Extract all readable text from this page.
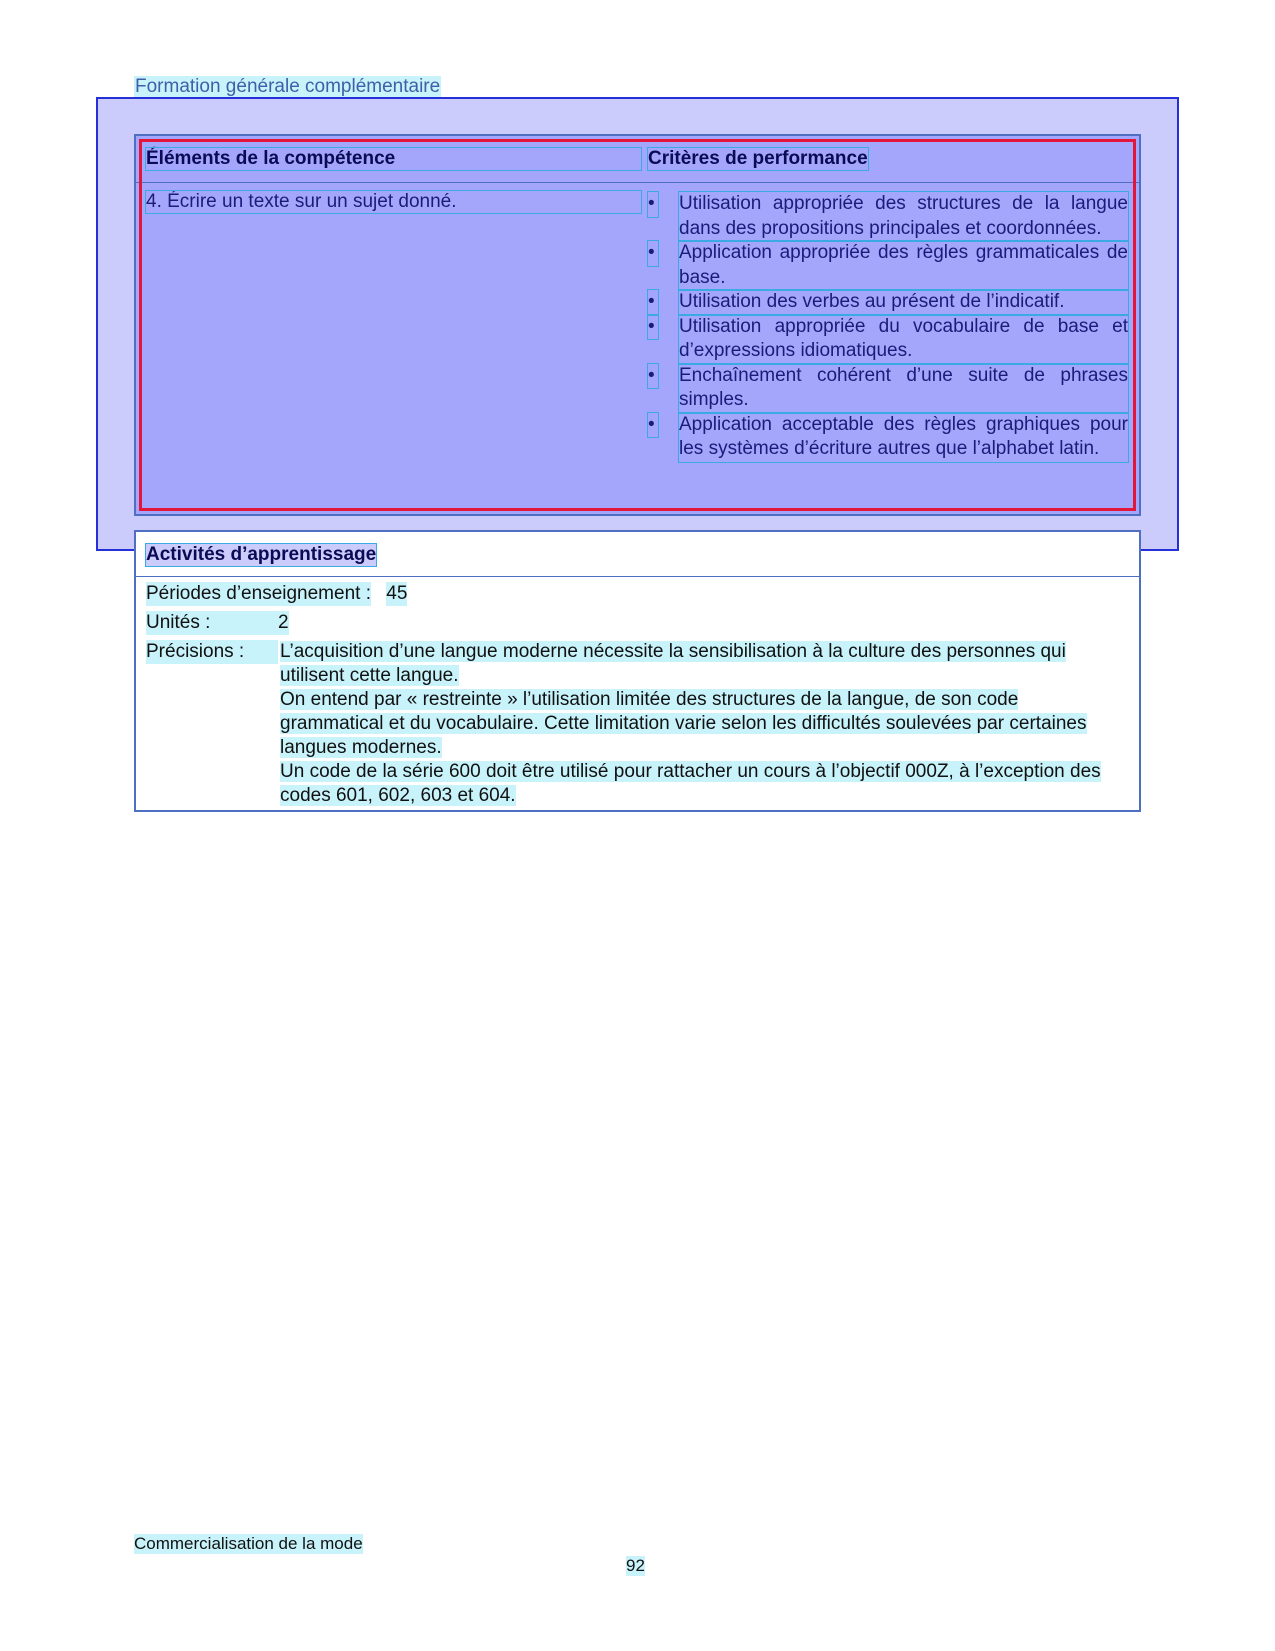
Formation générale complémentaire
Éléments de la compétence	Critères de performance
4. Écrire un texte sur un sujet donné.	• Utilisation appropriée des structures de la langue dans des propositions principales et coordonnées.
• Application appropriée des règles grammaticales de base.
• Utilisation des verbes au présent de l’indicatif.
• Utilisation appropriée du vocabulaire de base et d’expressions idiomatiques.
• Enchaînement cohérent d’une suite de phrases simples.
• Application acceptable des règles graphiques pour les systèmes d’écriture autres que l’alphabet latin.
Activités d’apprentissage
Périodes d’enseignement : 45
Unités :	2
Précisions :	L’acquisition d’une langue moderne nécessite la sensibilisation à la culture des personnes qui utilisent cette langue.

On entend par « restreinte » l’utilisation limitée des structures de la langue, de son code grammatical et du vocabulaire. Cette limitation varie selon les difficultés soulevées par certaines langues modernes.

Un code de la série 600 doit être utilisé pour rattacher un cours à l’objectif 000Z, à l’exception des codes 601, 602, 603 et 604.

Commercialisation de la mode
92
